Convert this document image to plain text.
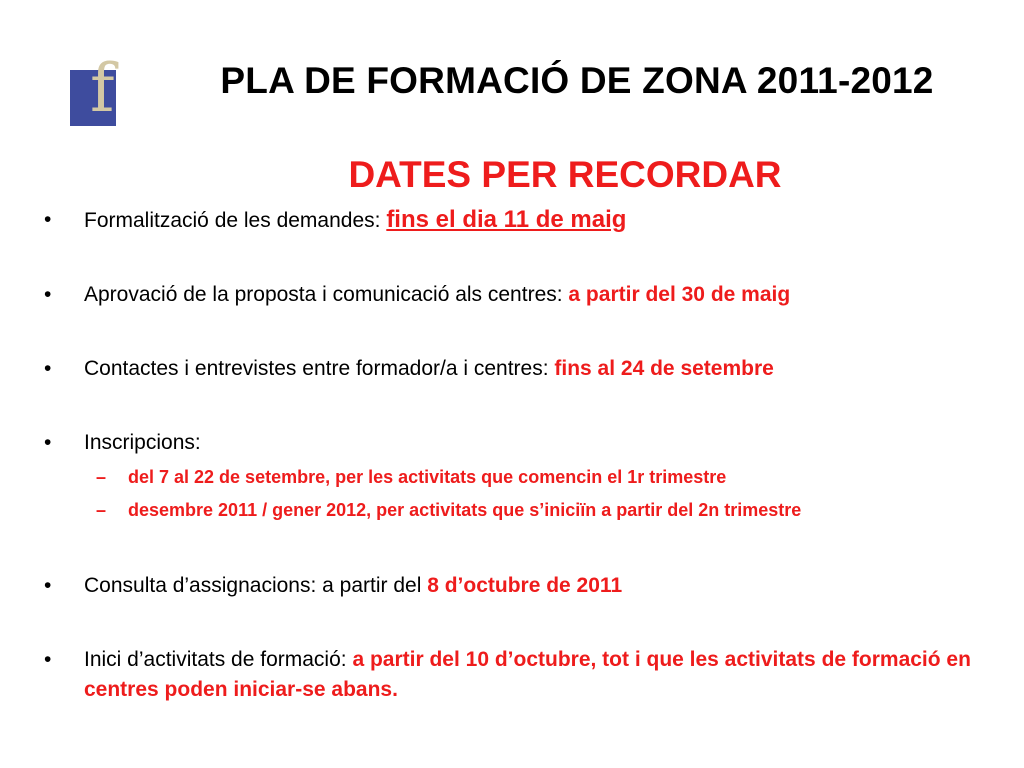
f	PLA DE FORMACIÓ DE ZONA 2011-2012
DATES PER RECORDAR
• Formalització de les demandes: fins el dia 11 de maig
• Aprovació de la proposta i comunicació als centres: a partir del 30 de maig
• Contactes i entrevistes entre formador/a i centres: fins al 24 de setembre
• Inscripcions:
– del 7 al 22 de setembre, per les activitats que comencin el 1r trimestre
– desembre 2011 / gener 2012, per activitats que s’iniciïn a partir del 2n trimestre
• Consulta d’assignacions: a partir del 8 d’octubre de 2011
• Inici d’activitats de formació: a partir del 10 d’octubre, tot i que les activitats de formació en centres poden iniciar-se abans.
